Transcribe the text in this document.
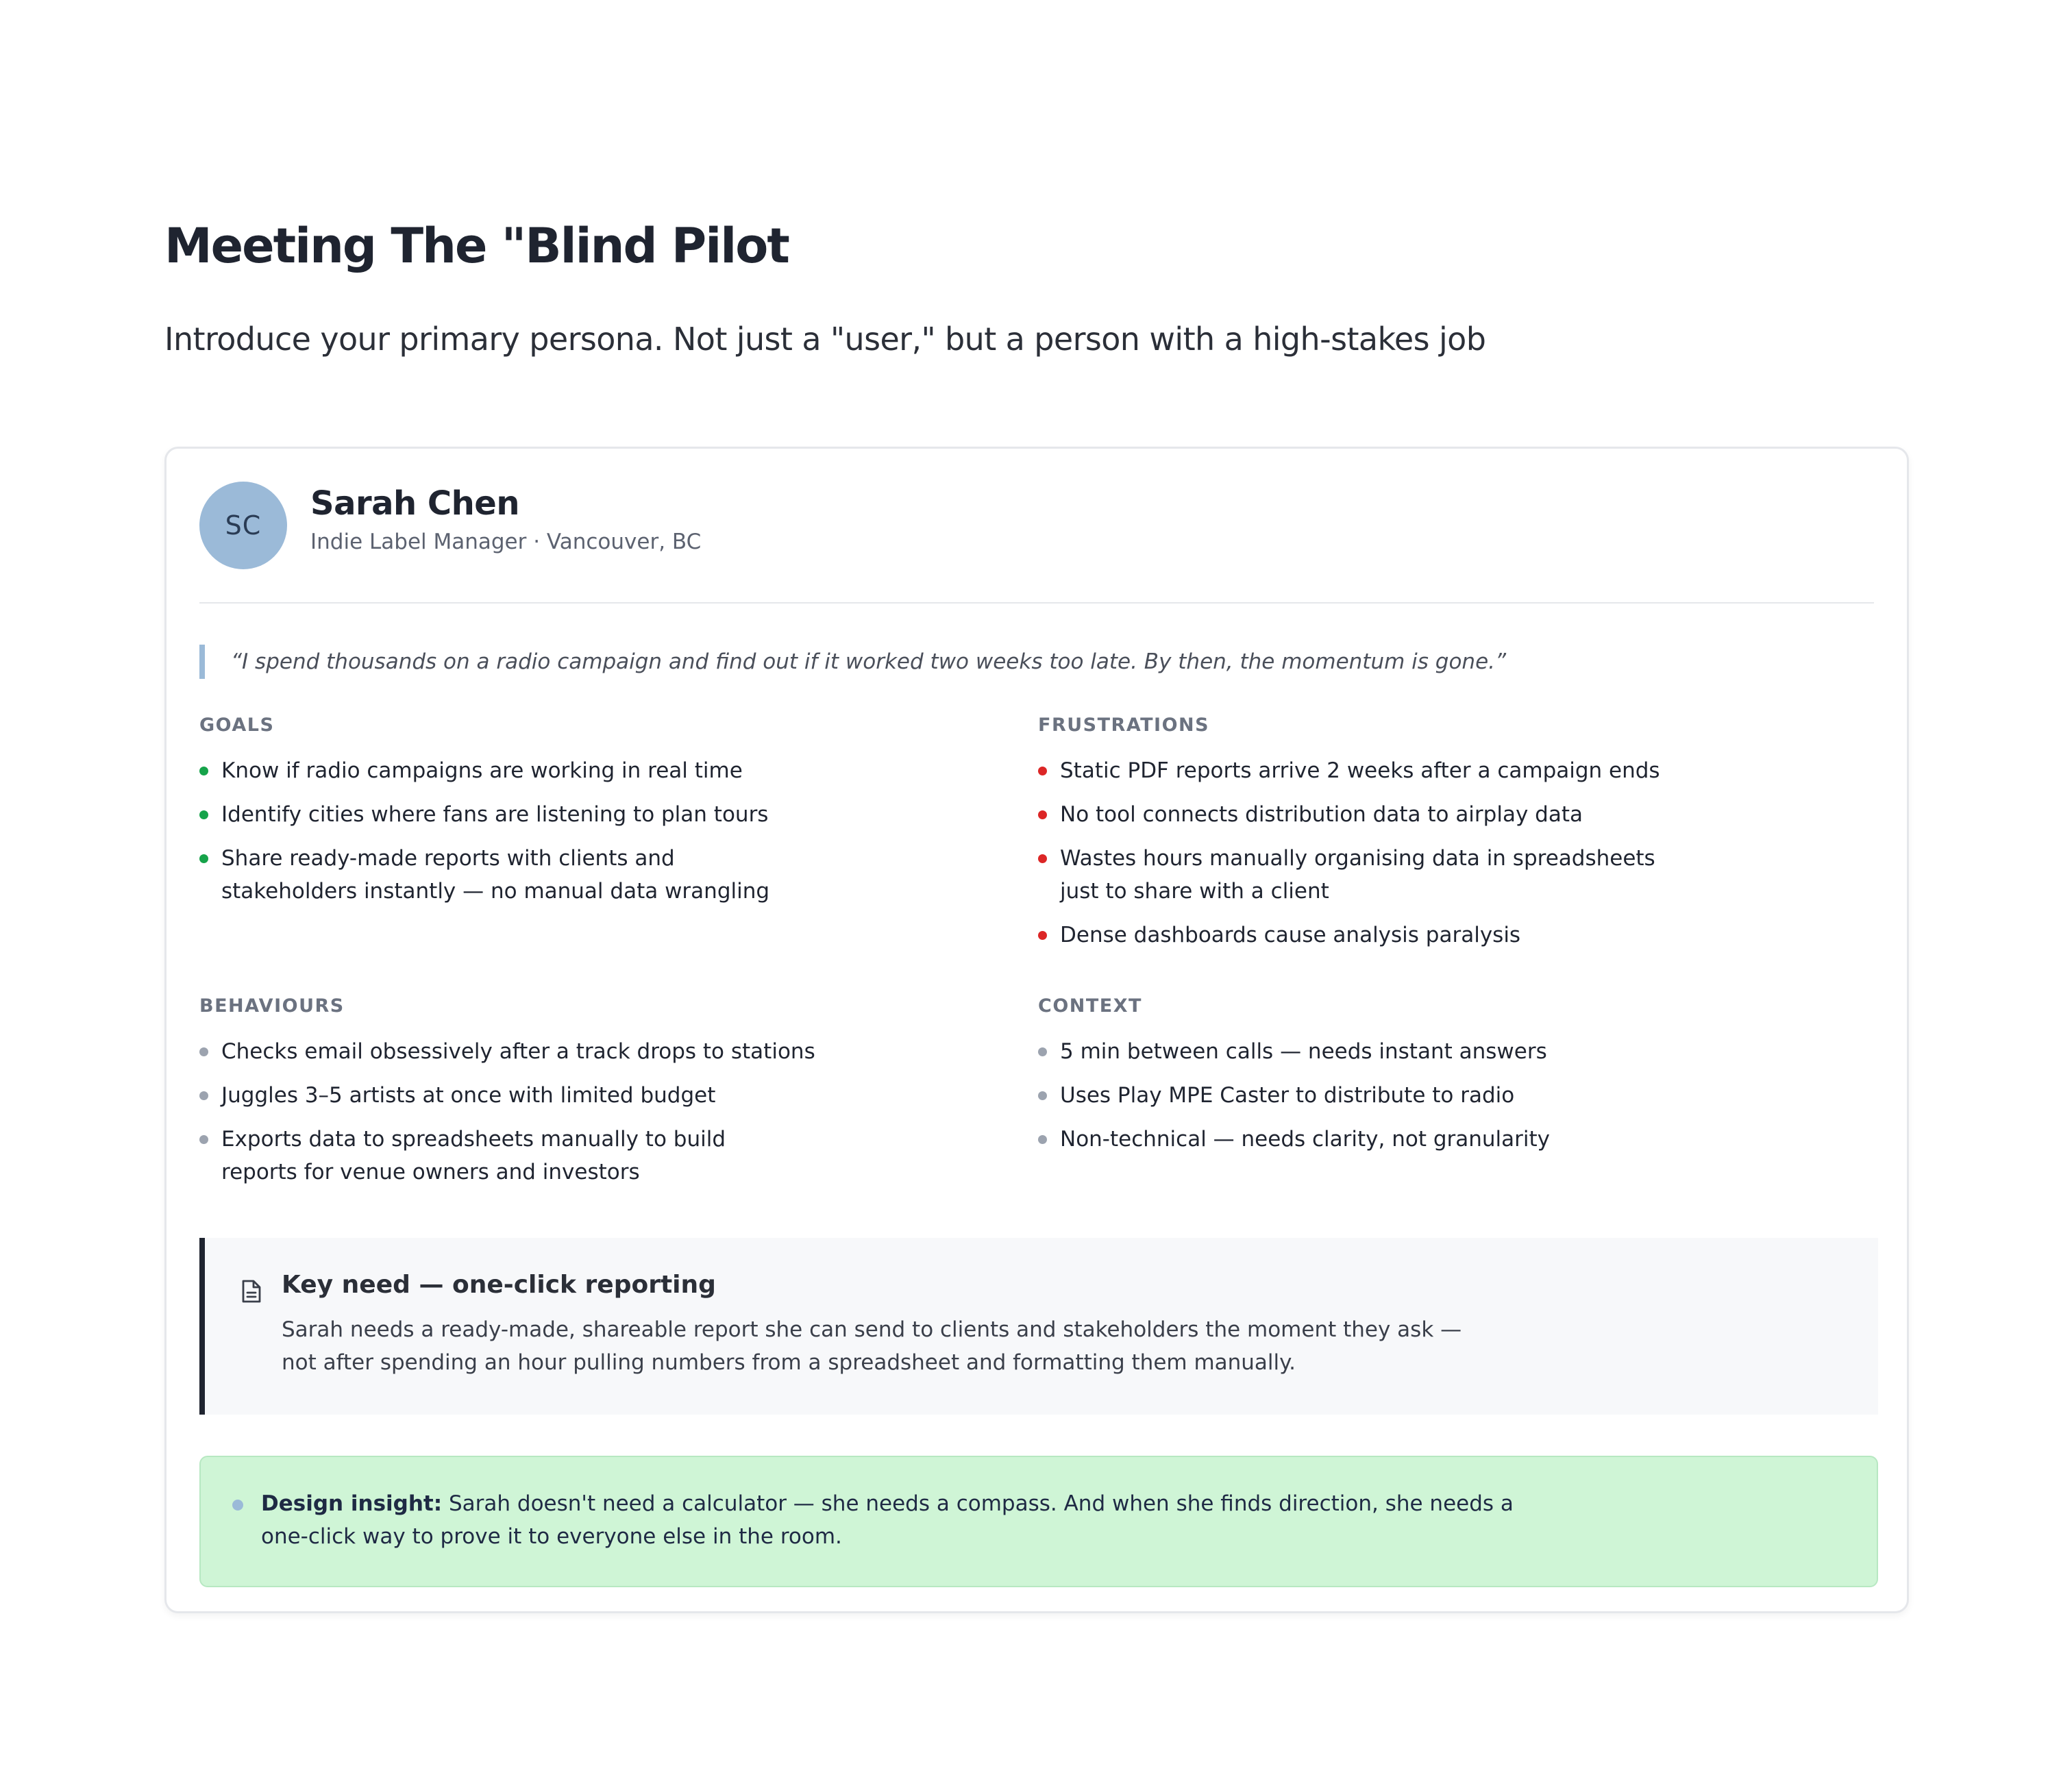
Meeting The "Blind Pilot

Introduce your primary persona. Not just a "user," but a person with a high-stakes job

SC
Sarah Chen
Indie Label Manager · Vancouver, BC
“I spend thousands on a radio campaign and find out if it worked two weeks too late. By then, the momentum is gone.”
GOALS
Know if radio campaigns are working in real time
Identify cities where fans are listening to plan tours
Share ready-made reports with clients and
stakeholders instantly — no manual data wrangling
FRUSTRATIONS
Static PDF reports arrive 2 weeks after a campaign ends
No tool connects distribution data to airplay data
Wastes hours manually organising data in spreadsheets
just to share with a client
Dense dashboards cause analysis paralysis
BEHAVIOURS
Checks email obsessively after a track drops to stations
Juggles 3–5 artists at once with limited budget
Exports data to spreadsheets manually to build
reports for venue owners and investors
CONTEXT
5 min between calls — needs instant answers
Uses Play MPE Caster to distribute to radio
Non-technical — needs clarity, not granularity
Key need — one-click reporting
Sarah needs a ready-made, shareable report she can send to clients and stakeholders the moment they ask —
not after spending an hour pulling numbers from a spreadsheet and formatting them manually.
Design insight: Sarah doesn't need a calculator — she needs a compass. And when she finds direction, she needs a
one-click way to prove it to everyone else in the room.
